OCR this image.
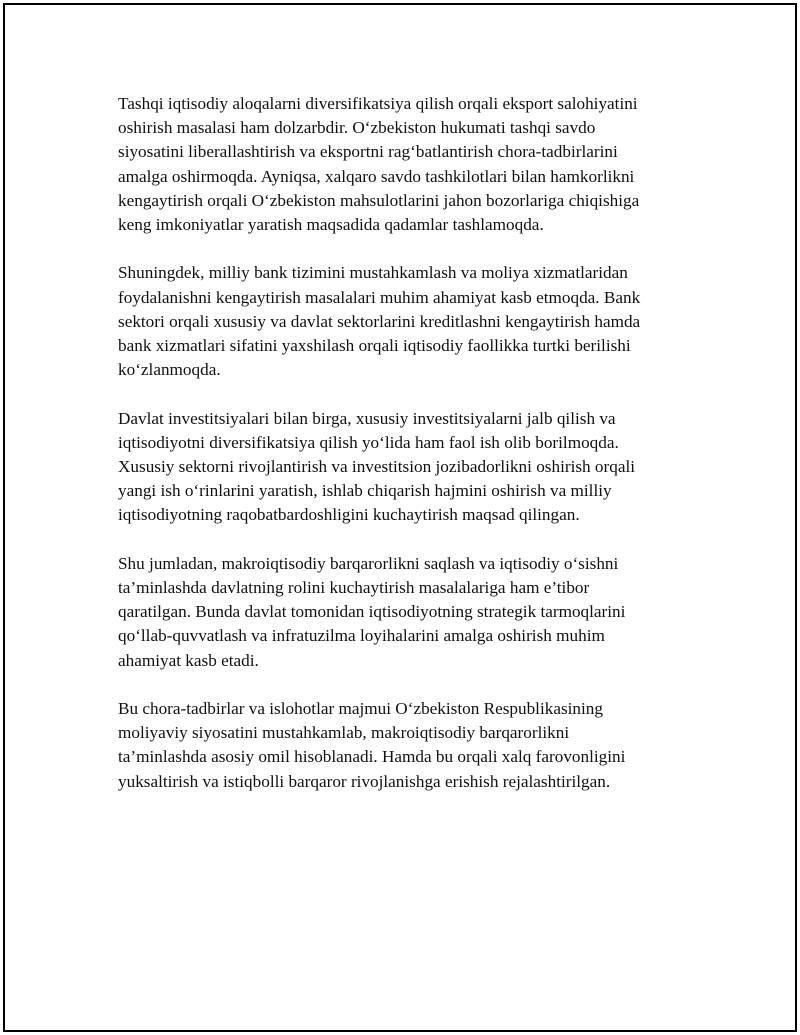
Tashqi iqtisodiy aloqalarni diversifikatsiya qilish orqali eksport salohiyatini
oshirish masalasi ham dolzarbdir. O‘zbekiston hukumati tashqi savdo
siyosatini liberallashtirish va eksportni rag‘batlantirish chora-tadbirlarini
amalga oshirmoqda. Ayniqsa, xalqaro savdo tashkilotlari bilan hamkorlikni
kengaytirish orqali O‘zbekiston mahsulotlarini jahon bozorlariga chiqishiga
keng imkoniyatlar yaratish maqsadida qadamlar tashlamoqda.

Shuningdek, milliy bank tizimini mustahkamlash va moliya xizmatlaridan
foydalanishni kengaytirish masalalari muhim ahamiyat kasb etmoqda. Bank
sektori orqali xususiy va davlat sektorlarini kreditlashni kengaytirish hamda
bank xizmatlari sifatini yaxshilash orqali iqtisodiy faollikka turtki berilishi
ko‘zlanmoqda.

Davlat investitsiyalari bilan birga, xususiy investitsiyalarni jalb qilish va
iqtisodiyotni diversifikatsiya qilish yo‘lida ham faol ish olib borilmoqda.
Xususiy sektorni rivojlantirish va investitsion jozibadorlikni oshirish orqali
yangi ish o‘rinlarini yaratish, ishlab chiqarish hajmini oshirish va milliy
iqtisodiyotning raqobatbardoshligini kuchaytirish maqsad qilingan.

Shu jumladan, makroiqtisodiy barqarorlikni saqlash va iqtisodiy o‘sishni
ta’minlashda davlatning rolini kuchaytirish masalalariga ham e’tibor
qaratilgan. Bunda davlat tomonidan iqtisodiyotning strategik tarmoqlarini
qo‘llab-quvvatlash va infratuzilma loyihalarini amalga oshirish muhim
ahamiyat kasb etadi.

Bu chora-tadbirlar va islohotlar majmui O‘zbekiston Respublikasining
moliyaviy siyosatini mustahkamlab, makroiqtisodiy barqarorlikni
ta’minlashda asosiy omil hisoblanadi. Hamda bu orqali xalq farovonligini
yuksaltirish va istiqbolli barqaror rivojlanishga erishish rejalashtirilgan.
